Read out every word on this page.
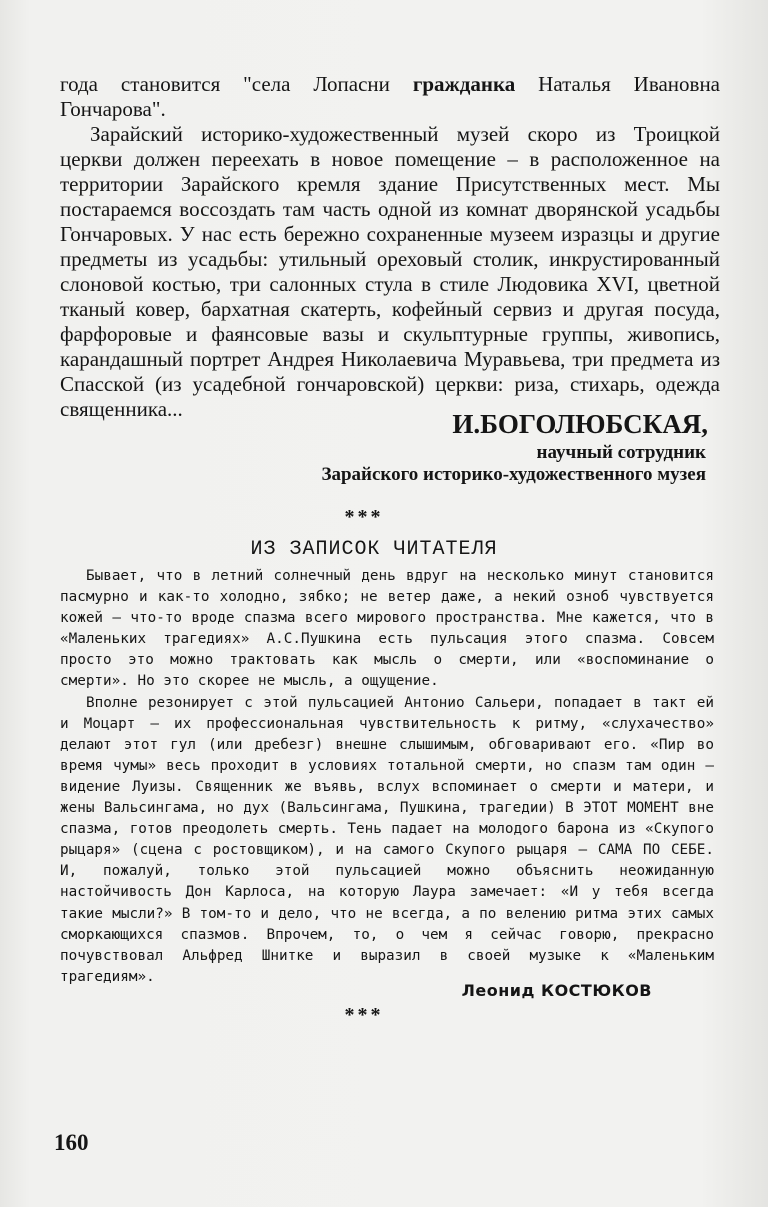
года становится "села Лопасни гражданка Наталья Ивановна Гончарова".

Зарайский историко-художественный музей скоро из Троицкой церкви должен переехать в новое помещение – в расположенное на территории Зарайского кремля здание Присутственных мест. Мы постараемся воссоздать там часть одной из комнат дворянской усадьбы Гончаровых. У нас есть бережно сохраненные музеем изразцы и другие предметы из усадьбы: утильный ореховый столик, инкрустированный слоновой костью, три салонных стула в стиле Людовика XVI, цветной тканый ковер, бархатная скатерть, кофейный сервиз и другая посуда, фарфоровые и фаянсовые вазы и скульптурные группы, живопись, карандашный портрет Андрея Николаевича Муравьева, три предмета из Спасской (из усадебной гончаровской) церкви: риза, стихарь, одежда священника...	И.БОГОЛЮБСКАЯ,
научный сотрудник
Зарайского историко-художественного музея
***
ИЗ ЗАПИСОК ЧИТАТЕЛЯ

Бывает, что в летний солнечный день вдруг на несколько минут становится пасмурно и как-то холодно, зябко; не ветер даже, а некий озноб чувствуется кожей – что-то вроде спазма всего мирового пространства. Мне кажется, что в «Маленьких трагедиях» А.С.Пушкина есть пульсация этого спазма. Совсем просто это можно трактовать как мысль о смерти, или «воспоминание о смерти». Но это скорее не мысль, а ощущение.

Вполне резонирует с этой пульсацией Антонио Сальери, попадает в такт ей и Моцарт – их профессиональная чувствительность к ритму, «слухачество» делают этот гул (или дребезг) внешне слышимым, обговаривают его. «Пир во время чумы» весь проходит в условиях тотальной смерти, но спазм там один – видение Луизы. Священник же въявь, вслух вспоминает о смерти и матери, и жены Вальсингама, но дух (Вальсингама, Пушкина, трагедии) В ЭТОТ МОМЕНТ вне спазма, готов преодолеть смерть. Тень падает на молодого барона из «Скупого рыцаря» (сцена с ростовщиком), и на самого Скупого рыцаря – САМА ПО СЕБЕ. И, пожалуй, только этой пульсацией можно объяснить неожиданную настойчивость Дон Карлоса, на которую Лаура замечает: «И у тебя всегда такие мысли?» В том-то и дело, что не всегда, а по велению ритма этих самых сморкающихся спазмов. Впрочем, то, о чем я сейчас говорю, прекрасно почувствовал Альфред Шнитке и выразил в своей музыке к «Маленьким трагедиям».

Леонид КОСТЮКОВ
***
160
